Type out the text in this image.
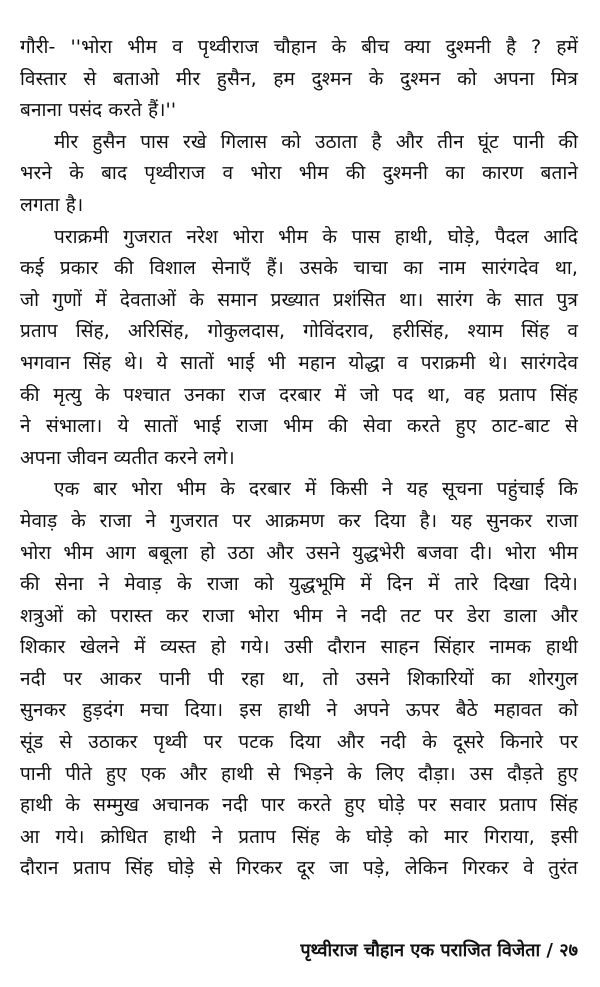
गौरी- ''भोरा भीम व पृथ्वीराज चौहान के बीच क्या दुश्मनी है ? हमें
विस्तार से बताओ मीर हुसैन, हम दुश्मन के दुश्मन को अपना मित्र
बनाना पसंद करते हैं।''
मीर हुसैन पास रखे गिलास को उठाता है और तीन घूंट पानी की
भरने के बाद पृथ्वीराज व भोरा भीम की दुश्मनी का कारण बताने
लगता है।
पराक्रमी गुजरात नरेश भोरा भीम के पास हाथी, घोड़े, पैदल आदि
कई प्रकार की विशाल सेनाएँ हैं। उसके चाचा का नाम सारंगदेव था,
जो गुणों में देवताओं के समान प्रख्यात प्रशंसित था। सारंग के सात पुत्र
प्रताप सिंह, अरिसिंह, गोकुलदास, गोविंदराव, हरीसिंह, श्याम सिंह व
भगवान सिंह थे। ये सातों भाई भी महान योद्धा व पराक्रमी थे। सारंगदेव
की मृत्यु के पश्चात उनका राज दरबार में जो पद था, वह प्रताप सिंह
ने संभाला। ये सातों भाई राजा भीम की सेवा करते हुए ठाट-बाट से
अपना जीवन व्यतीत करने लगे।
एक बार भोरा भीम के दरबार में किसी ने यह सूचना पहुंचाई कि
मेवाड़ के राजा ने गुजरात पर आक्रमण कर दिया है। यह सुनकर राजा
भोरा भीम आग बबूला हो उठा और उसने युद्धभेरी बजवा दी। भोरा भीम
की सेना ने मेवाड़ के राजा को युद्धभूमि में दिन में तारे दिखा दिये।
शत्रुओं को परास्त कर राजा भोरा भीम ने नदी तट पर डेरा डाला और
शिकार खेलने में व्यस्त हो गये। उसी दौरान साहन सिंहार नामक हाथी
नदी पर आकर पानी पी रहा था, तो उसने शिकारियों का शोरगुल
सुनकर हुड़दंग मचा दिया। इस हाथी ने अपने ऊपर बैठे महावत को
सूंड से उठाकर पृथ्वी पर पटक दिया और नदी के दूसरे किनारे पर
पानी पीते हुए एक और हाथी से भिड़ने के लिए दौड़ा। उस दौड़ते हुए
हाथी के सम्मुख अचानक नदी पार करते हुए घोड़े पर सवार प्रताप सिंह
आ गये। क्रोधित हाथी ने प्रताप सिंह के घोड़े को मार गिराया, इसी
दौरान प्रताप सिंह घोड़े से गिरकर दूर जा पड़े, लेकिन गिरकर वे तुरंत
पृथ्वीराज चौहान एक पराजित विजेता / २७
